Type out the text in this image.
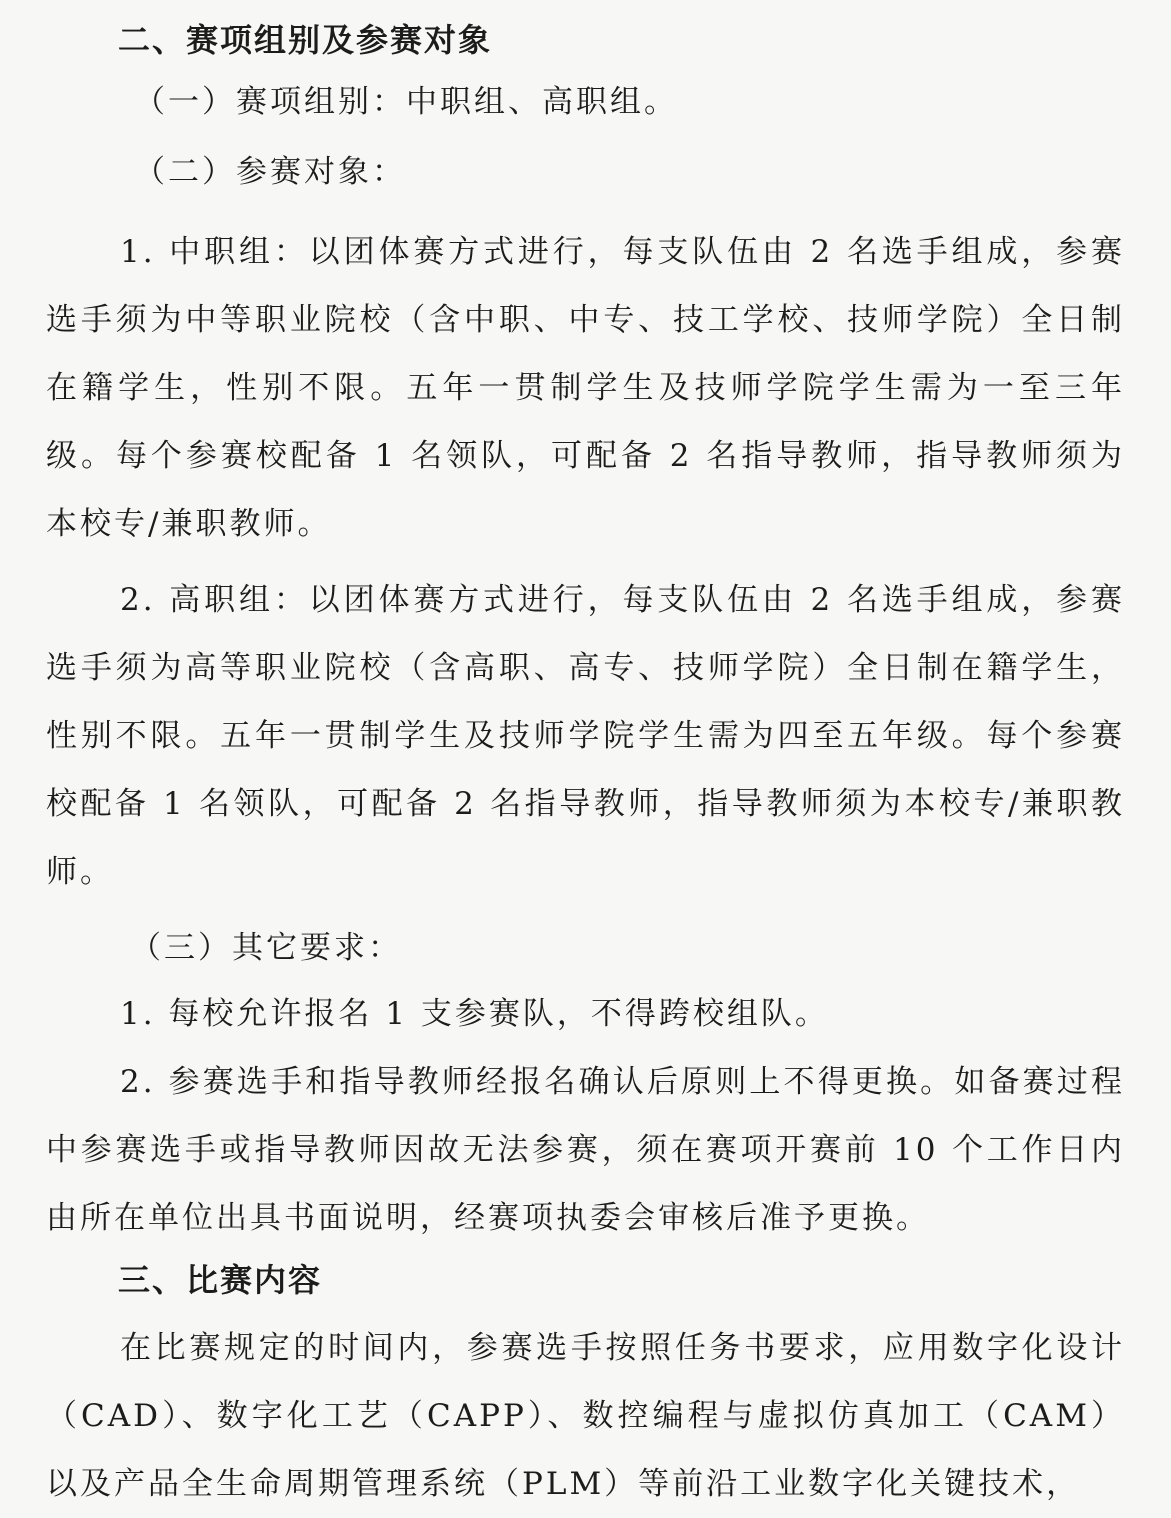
二、赛项组别及参赛对象
（一）赛项组别：中职组、高职组。
（二）参赛对象：
1. 中职组：以团体赛方式进行，每支队伍由 2 名选手组成，参赛选手须为中等职业院校（含中职、中专、技工学校、技师学院）全日制在籍学生，性别不限。五年一贯制学生及技师学院学生需为一至三年级。每个参赛校配备 1 名领队，可配备 2 名指导教师，指导教师须为本校专/兼职教师。
2. 高职组：以团体赛方式进行，每支队伍由 2 名选手组成，参赛选手须为高等职业院校（含高职、高专、技师学院）全日制在籍学生，性别不限。五年一贯制学生及技师学院学生需为四至五年级。每个参赛校配备 1 名领队，可配备 2 名指导教师，指导教师须为本校专/兼职教师。
（三）其它要求：
1. 每校允许报名 1 支参赛队，不得跨校组队。
2. 参赛选手和指导教师经报名确认后原则上不得更换。如备赛过程中参赛选手或指导教师因故无法参赛，须在赛项开赛前 10 个工作日内由所在单位出具书面说明，经赛项执委会审核后准予更换。
三、比赛内容
在比赛规定的时间内，参赛选手按照任务书要求，应用数字化设计（CAD）、数字化工艺（CAPP）、数控编程与虚拟仿真加工（CAM）以及产品全生命周期管理系统（PLM）等前沿工业数字化关键技术，
